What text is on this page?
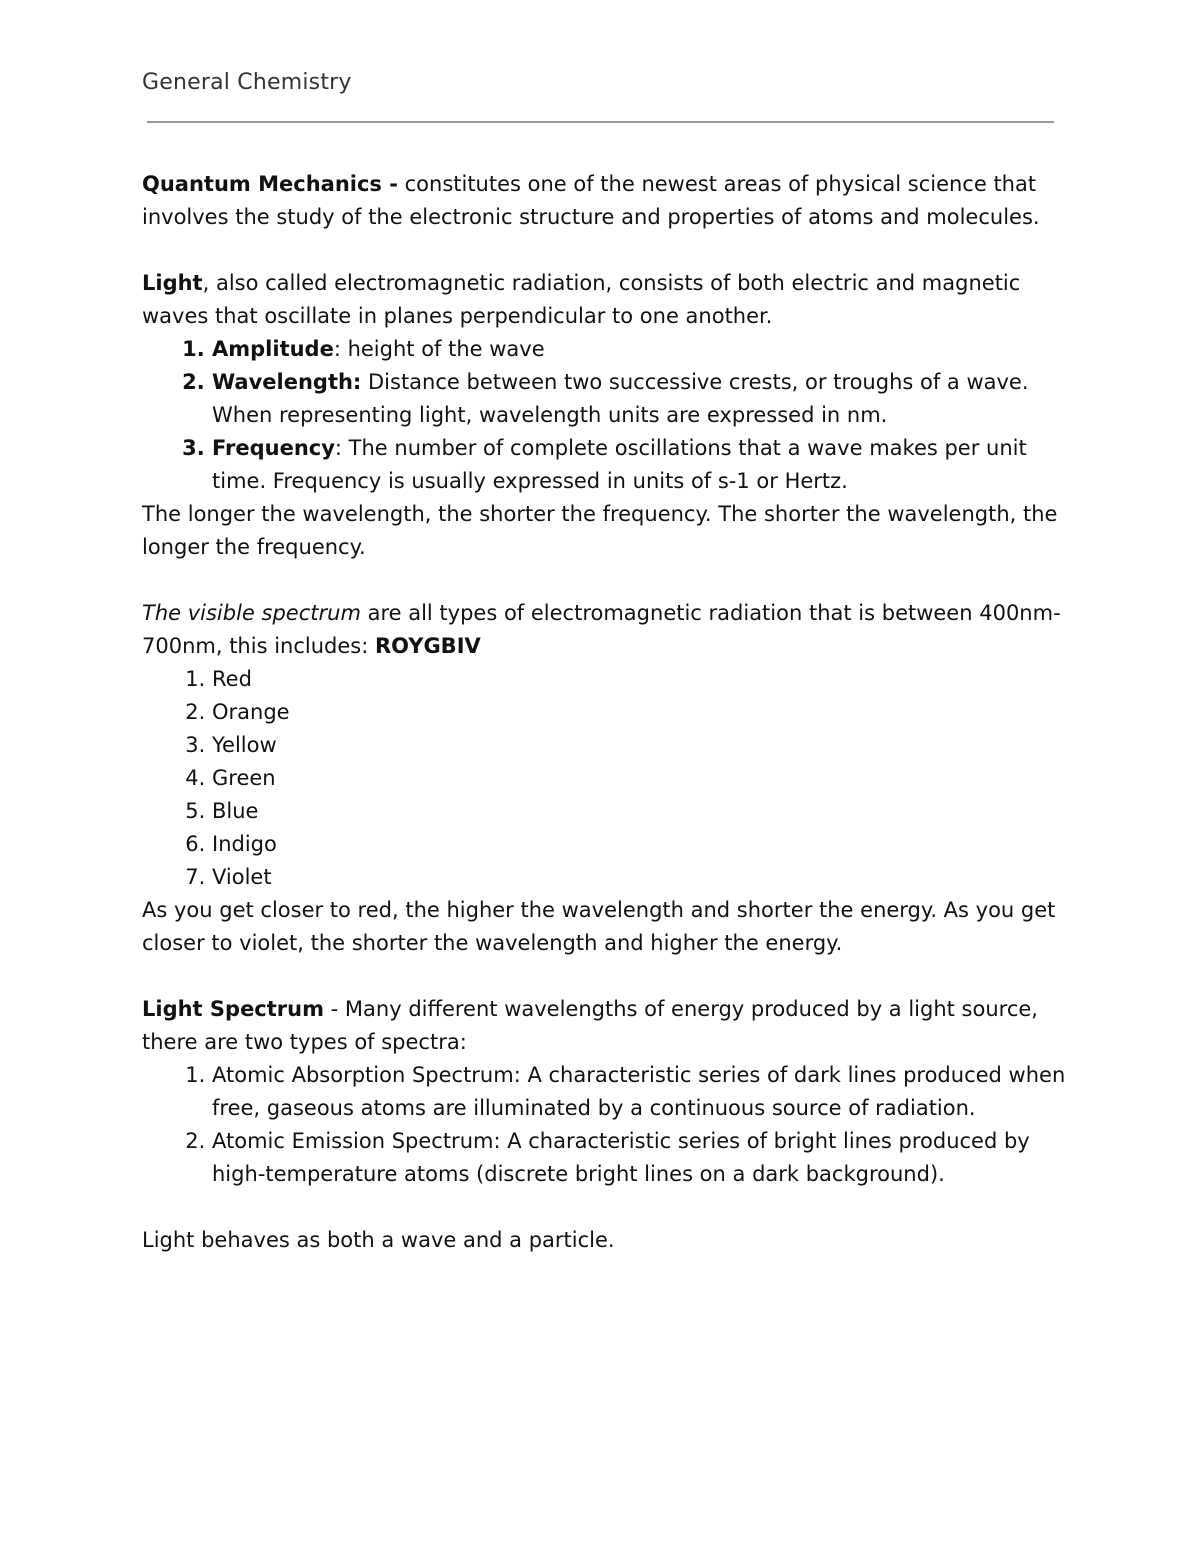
General Chemistry

Quantum Mechanics - constitutes one of the newest areas of physical science that involves the study of the electronic structure and properties of atoms and molecules.

Light, also called electromagnetic radiation, consists of both electric and magnetic waves that oscillate in planes perpendicular to one another.

1. Amplitude: height of the wave
2. Wavelength: Distance between two successive crests, or troughs of a wave. When representing light, wavelength units are expressed in nm.
3. Frequency: The number of complete oscillations that a wave makes per unit time. Frequency is usually expressed in units of s-1 or Hertz.

The longer the wavelength, the shorter the frequency. The shorter the wavelength, the longer the frequency.

The visible spectrum are all types of electromagnetic radiation that is between 400nm-700nm, this includes: ROYGBIV

1. Red
2. Orange
3. Yellow
4. Green
5. Blue
6. Indigo
7. Violet

As you get closer to red, the higher the wavelength and shorter the energy. As you get closer to violet, the shorter the wavelength and higher the energy.

Light Spectrum - Many different wavelengths of energy produced by a light source, there are two types of spectra:

1. Atomic Absorption Spectrum: A characteristic series of dark lines produced when free, gaseous atoms are illuminated by a continuous source of radiation.
2. Atomic Emission Spectrum: A characteristic series of bright lines produced by high-temperature atoms (discrete bright lines on a dark background).

Light behaves as both a wave and a particle.
